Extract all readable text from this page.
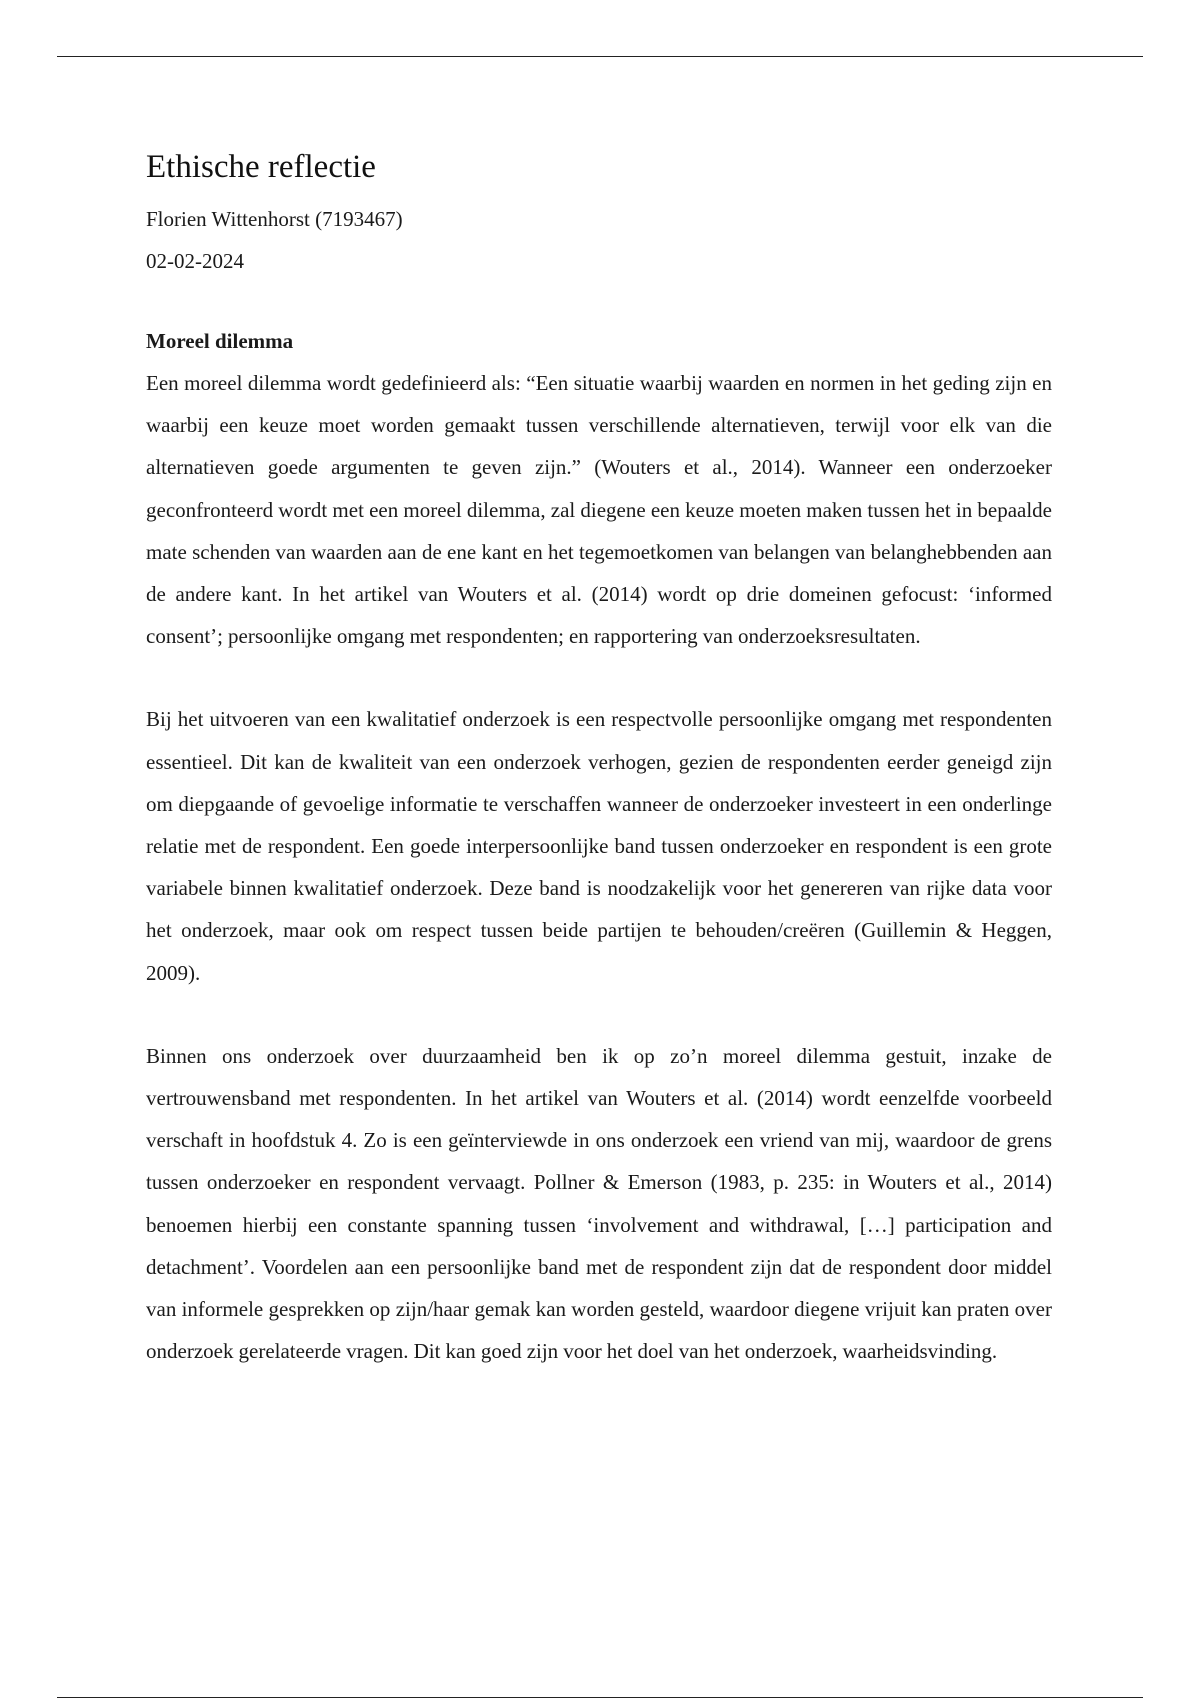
Ethische reflectie

Florien Wittenhorst (7193467)

02-02-2024

Moreel dilemma

Een moreel dilemma wordt gedefinieerd als: “Een situatie waarbij waarden en normen in het geding zijn en waarbij een keuze moet worden gemaakt tussen verschillende alternatieven, terwijl voor elk van die alternatieven goede argumenten te geven zijn.” (Wouters et al., 2014). Wanneer een onderzoeker geconfronteerd wordt met een moreel dilemma, zal diegene een keuze moeten maken tussen het in bepaalde mate schenden van waarden aan de ene kant en het tegemoetkomen van belangen van belanghebbenden aan de andere kant. In het artikel van Wouters et al. (2014) wordt op drie domeinen gefocust: ‘informed consent’; persoonlijke omgang met respondenten; en rapportering van onderzoeksresultaten.

Bij het uitvoeren van een kwalitatief onderzoek is een respectvolle persoonlijke omgang met respondenten essentieel. Dit kan de kwaliteit van een onderzoek verhogen, gezien de respondenten eerder geneigd zijn om diepgaande of gevoelige informatie te verschaffen wanneer de onderzoeker investeert in een onderlinge relatie met de respondent. Een goede interpersoonlijke band tussen onderzoeker en respondent is een grote variabele binnen kwalitatief onderzoek. Deze band is noodzakelijk voor het genereren van rijke data voor het onderzoek, maar ook om respect tussen beide partijen te behouden/creëren (Guillemin & Heggen, 2009).

Binnen ons onderzoek over duurzaamheid ben ik op zo’n moreel dilemma gestuit, inzake de vertrouwensband met respondenten. In het artikel van Wouters et al. (2014) wordt eenzelfde voorbeeld verschaft in hoofdstuk 4. Zo is een geïnterviewde in ons onderzoek een vriend van mij, waardoor de grens tussen onderzoeker en respondent vervaagt. Pollner & Emerson (1983, p. 235: in Wouters et al., 2014) benoemen hierbij een constante spanning tussen ‘involvement and withdrawal, […] participation and detachment’. Voordelen aan een persoonlijke band met de respondent zijn dat de respondent door middel van informele gesprekken op zijn/haar gemak kan worden gesteld, waardoor diegene vrijuit kan praten over onderzoek gerelateerde vragen. Dit kan goed zijn voor het doel van het onderzoek, waarheidsvinding.
